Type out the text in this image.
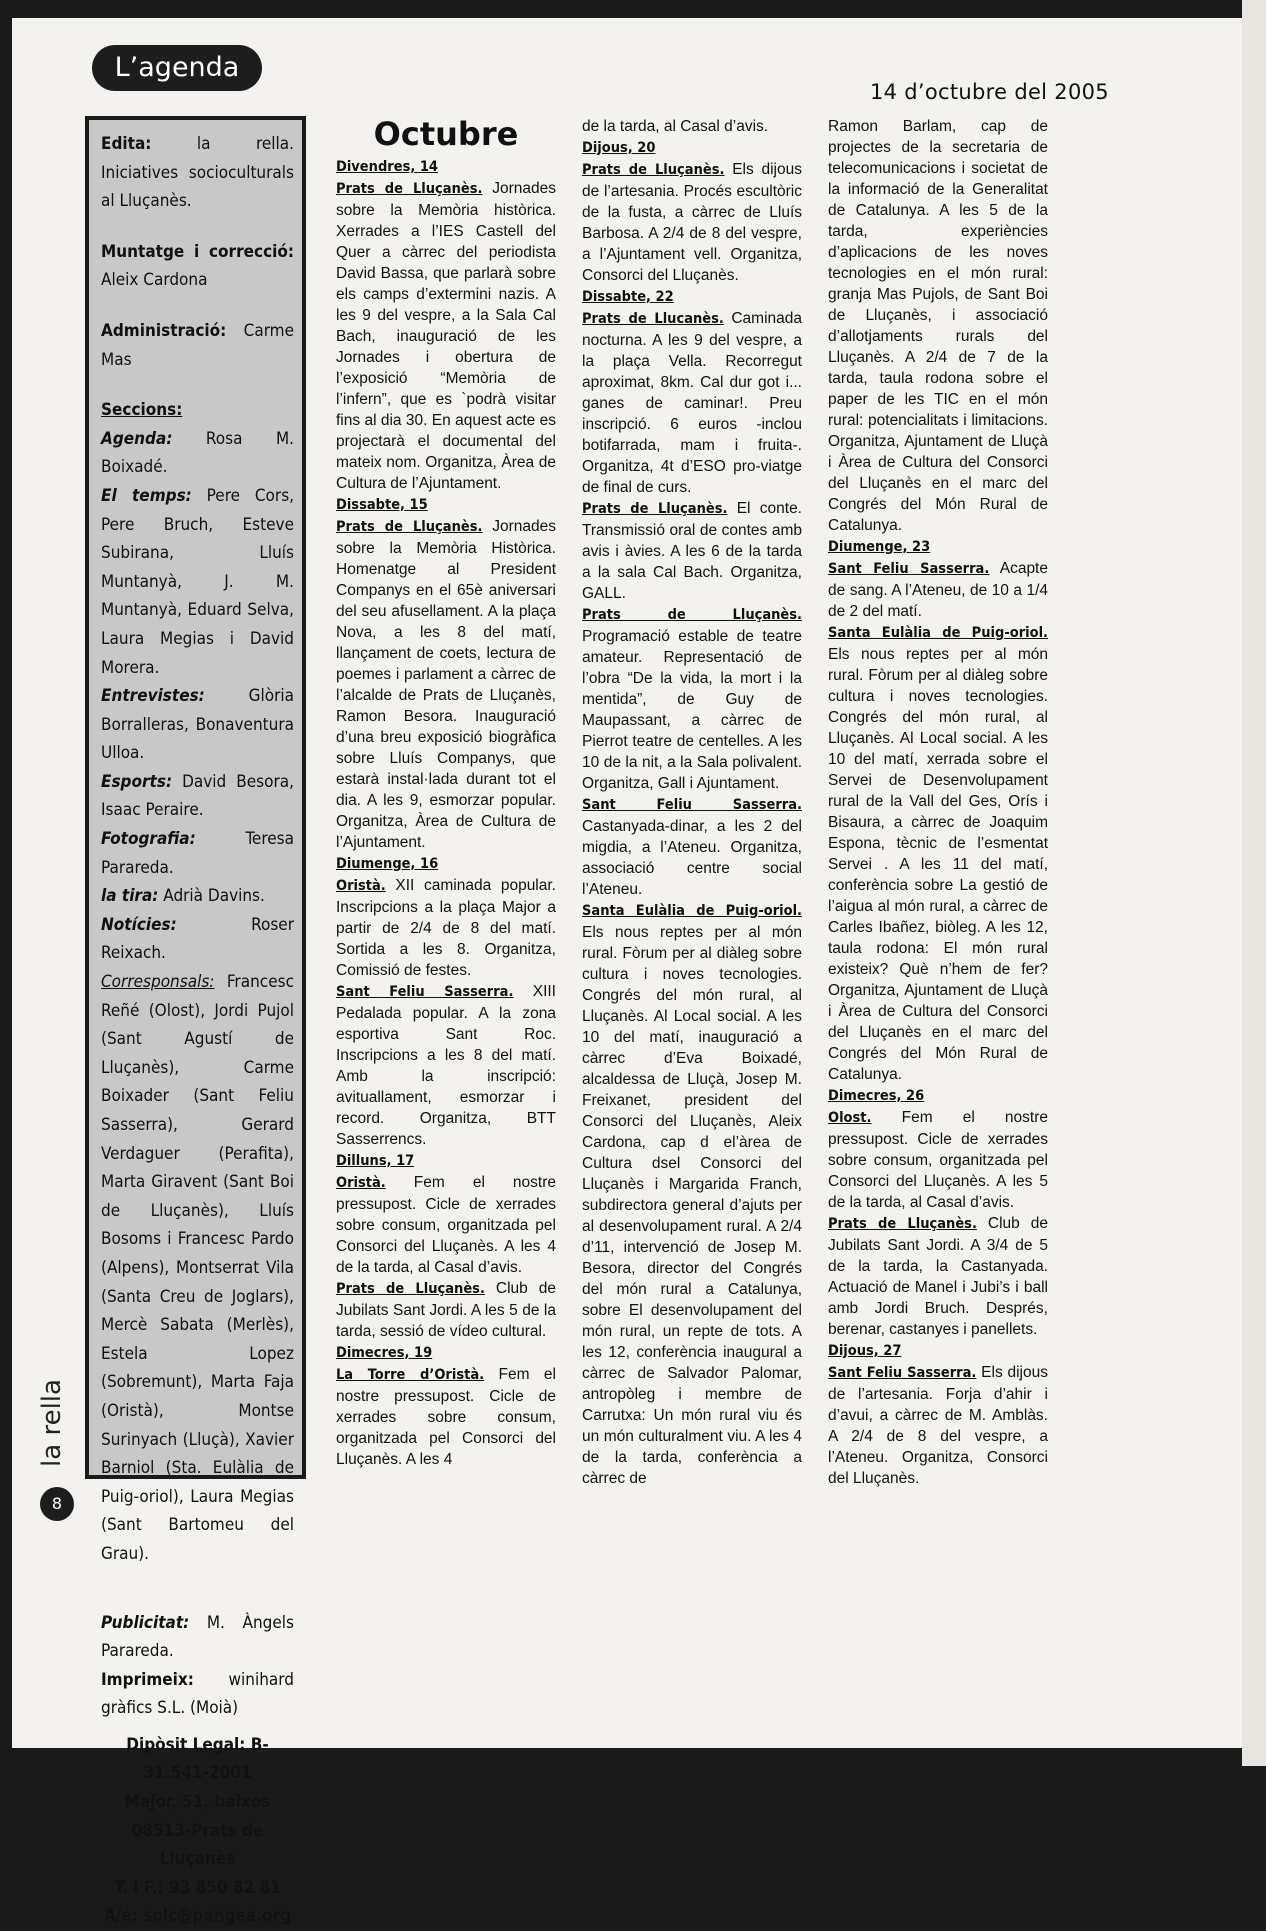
L’agenda
14 d’octubre del 2005

Edita:	la rella. Iniciatives socioculturals al Lluçanès.

Muntatge i correcció: Aleix Cardona

Administració: Carme Mas

Seccions:

Agenda: Rosa M. Boixadé.

El temps: Pere Cors, Pere Bruch, Esteve Subirana, Lluís Muntanyà, J. M. Muntanyà, Eduard Selva, Laura Megias i David Morera.

Entrevistes:	Glòria Borralleras, Bonaventura Ulloa.

Esports: David Besora, Isaac Peraire.

Fotografia:	Teresa Parareda.

la tira: Adrià Davins.

Notícies:	Roser Reixach.

Corresponsals: Francesc Reñé (Olost), Jordi Pujol (Sant Agustí de Lluçanès), Carme Boixader (Sant Feliu Sasserra), Gerard Verdaguer (Perafita), Marta Giravent (Sant Boi de Lluçanès), Lluís Bosoms i Francesc Pardo (Alpens), Montserrat Vila (Santa Creu de Joglars), Mercè Sabata (Merlès), Estela Lopez (Sobremunt), Marta Faja (Oristà), Montse Surinyach (Lluçà), Xavier Barniol (Sta. Eulàlia de Puig-oriol), Laura Megias (Sant Bartomeu del Grau).

Publicitat: M. Àngels Parareda.

Imprimeix: winihard gràfics S.L. (Moià)

Dipòsit Legal: B-31.541-2001

Major, 51, baixos

08513-Prats de Lluçanès

T. i F.: 93 850 82 81

A/e: solc@pangea.org

la rella
8
Octubre

Divendres, 14

Prats de Lluçanès. Jornades sobre la Memòria històrica. Xerrades a l’IES Castell del Quer a càrrec del periodista David Bassa, que parlarà sobre els camps d’extermini nazis. A les 9 del vespre, a la Sala Cal Bach, inauguració de les Jornades i obertura de l’exposició “Memòria de l’infern”, que es `podrà visitar fins al dia 30. En aquest acte es projectarà el documental del mateix nom. Organitza, Àrea de Cultura de l’Ajuntament.

Dissabte, 15

Prats de Lluçanès. Jornades sobre la Memòria Històrica. Homenatge al President Companys en el 65è aniversari del seu afusellament. A la plaça Nova, a les 8 del matí, llançament de coets, lectura de poemes i parlament a càrrec de l’alcalde de Prats de Lluçanès, Ramon Besora. Inauguració d’una breu exposició biogràfica sobre Lluís Companys, que estarà instal·lada durant tot el dia. A les 9, esmorzar popular. Organitza, Àrea de Cultura de l’Ajuntament.

Diumenge, 16

Oristà. XII caminada popular. Inscripcions a la plaça Major a partir de 2/4 de 8 del matí. Sortida a les 8. Organitza, Comissió de festes.

Sant Feliu Sasserra. XIII Pedalada popular. A la zona esportiva Sant Roc. Inscripcions a les 8 del matí. Amb la inscripció: avituallament, esmorzar i record. Organitza, BTT Sasserrencs.

Dilluns, 17

Oristà. Fem el nostre pressupost. Cicle de xerrades sobre consum, organitzada pel Consorci del Lluçanès. A les 4 de la tarda, al Casal d’avis.

Prats de Lluçanès. Club de Jubilats Sant Jordi. A les 5 de la tarda, sessió de vídeo cultural.

Dimecres, 19

La Torre d’Oristà. Fem el nostre pressupost. Cicle de xerrades sobre consum, organitzada pel Consorci del Lluçanès. A les 4

de la tarda, al Casal d’avis.

Dijous, 20

Prats de Lluçanès. Els dijous de l’artesania. Procés escultòric de la fusta, a càrrec de Lluís Barbosa. A 2/4 de 8 del vespre, a l’Ajuntament vell. Organitza, Consorci del Lluçanès.

Dissabte, 22

Prats de Llucanès. Caminada nocturna. A les 9 del vespre, a la plaça Vella. Recorregut aproximat, 8km. Cal dur got i... ganes de caminar!. Preu inscripció. 6 euros -inclou botifarrada, mam i fruita-. Organitza, 4t d’ESO pro-viatge de final de curs.

Prats de Lluçanès. El conte. Transmissió oral de contes amb avis i àvies. A les 6 de la tarda a la sala Cal Bach. Organitza, GALL.

Prats de Lluçanès. Programació estable de teatre amateur. Representació de l’obra “De la vida, la mort i la mentida”, de Guy de Maupassant, a càrrec de Pierrot teatre de centelles. A les 10 de la nit, a la Sala polivalent. Organitza, Gall i Ajuntament.

Sant Feliu Sasserra. Castanyada-dinar, a les 2 del migdia, a l’Ateneu. Organitza, associació centre social l’Ateneu.

Santa Eulàlia de Puig-oriol. Els nous reptes per al món rural. Fòrum per al diàleg sobre cultura i noves tecnologies. Congrés del món rural, al Lluçanès. Al Local social. A les 10 del matí, inauguració a càrrec d’Eva Boixadé, alcaldessa de Lluçà, Josep M. Freixanet, president del Consorci del Lluçanès, Aleix Cardona, cap d el’àrea de Cultura dsel Consorci del Lluçanès i Margarida Franch, subdirectora general d’ajuts per al desenvolupament rural. A 2/4 d’11, intervenció de Josep M. Besora, director del Congrés del món rural a Catalunya, sobre El desenvolupament del món rural, un repte de tots. A les 12, conferència inaugural a càrrec de Salvador Palomar, antropòleg i membre de Carrutxa: Un món rural viu és un món culturalment viu. A les 4 de la tarda, conferència a càrrec de

Ramon Barlam, cap de projectes de la secretaria de telecomunicacions i societat de la informació de la Generalitat de Catalunya. A les 5 de la tarda, experiències d’aplicacions de les noves tecnologies en el món rural: granja Mas Pujols, de Sant Boi de Lluçanès, i associació d’allotjaments rurals del Lluçanès. A 2/4 de 7 de la tarda, taula rodona sobre el paper de les TIC en el món rural: potencialitats i limitacions. Organitza, Ajuntament de Lluçà i Àrea de Cultura del Consorci del Lluçanès en el marc del Congrés del Món Rural de Catalunya.

Diumenge, 23

Sant Feliu Sasserra. Acapte de sang. A l’Ateneu, de 10 a 1/4 de 2 del matí.

Santa Eulàlia de Puig-oriol. Els nous reptes per al món rural. Fòrum per al diàleg sobre cultura i noves tecnologies. Congrés del món rural, al Lluçanès. Al Local social. A les 10 del matí, xerrada sobre el Servei de Desenvolupament rural de la Vall del Ges, Orís i Bisaura, a càrrec de Joaquim Espona, tècnic de l’esmentat Servei . A les 11 del matí, conferència sobre La gestió de l’aigua al món rural, a càrrec de Carles Ibañez, biòleg. A les 12, taula rodona: El món rural existeix? Què n’hem de fer? Organitza, Ajuntament de Lluçà i Àrea de Cultura del Consorci del Lluçanès en el marc del Congrés del Món Rural de Catalunya.

Dimecres, 26

Olost. Fem el nostre pressupost. Cicle de xerrades sobre consum, organitzada pel Consorci del Lluçanès. A les 5 de la tarda, al Casal d’avis.

Prats de Lluçanès. Club de Jubilats Sant Jordi. A 3/4 de 5 de la tarda, la Castanyada. Actuació de Manel i Jubi’s i ball amb Jordi Bruch. Després, berenar, castanyes i panellets.

Dijous, 27

Sant Feliu Sasserra. Els dijous de l’artesania. Forja d’ahir i d’avui, a càrrec de M. Amblàs. A 2/4 de 8 del vespre, a l’Ateneu. Organitza, Consorci del Lluçanès.
